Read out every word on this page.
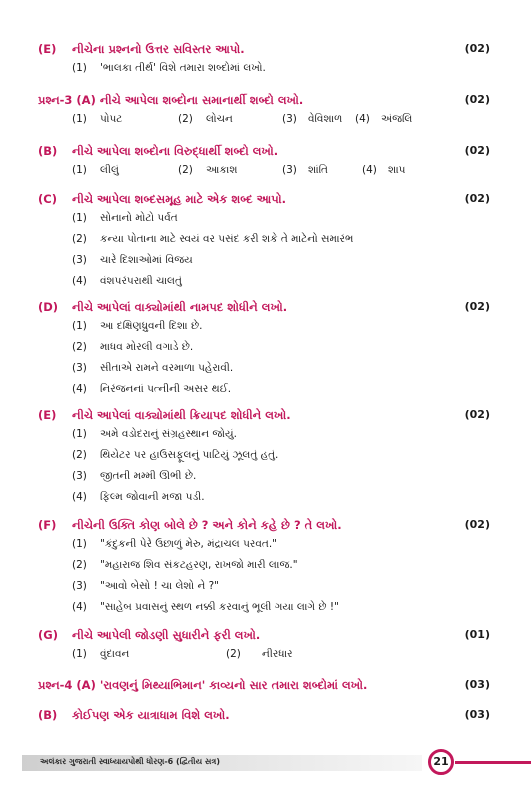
(E) નીચેના પ્રશ્નનો ઉત્તર સવિસ્તર આપો.	(02)
(1)	'ભાલકા તીર્થ' વિશે તમારા શબ્દોમાં લખો.
પ્રશ્ન-3 (A) નીચે આપેલા શબ્દોના સમાનાર્થી શબ્દો લખો.	(02)
(1) પોપટ	(2) લોચન	(3) વેવિશાળ (4) અંજલિ
(B) નીચે આપેલા શબ્દોના વિરુદ્ધાર્થી શબ્દો લખો.	(02)
(1) લીલું	(2) આકાશ	(3) શાંતિ	(4) શાપ
(C) નીચે આપેલા શબ્દસમૂહ માટે એક શબ્દ આપો.	(02)
(1)	સોનાનો મોટો પર્વત
(2)	કન્યા પોતાના માટે સ્વયં વર પસંદ કરી શકે તે માટેનો સમારંભ
(3)	ચારે દિશાઓમાં વિજય
(4)	વંશપરંપરાથી ચાલતું
(D) નીચે આપેલાં વાક્યોમાંથી નામપદ શોધીને લખો.	(02)
(1)	આ દક્ષિણધ્રુવની દિશા છે.
(2)	માધવ મોરલી વગાડે છે.
(3)	સીતાએ રામને વરમાળા પહેરાવી.
(4)	નિરંજનનાં પત્નીની અસર થઈ.
(E) નીચે આપેલાં વાક્યોમાંથી ક્રિયાપદ શોધીને લખો.	(02)
(1)	અમે વડોદરાનું સંગ્રહસ્થાન જોયું.
(2)	થિયેટર પર હાઉસફૂલનું પાટિયું ઝૂલતું હતું.
(3)	જીતની મમ્મી ઊભી છે.
(4)	ફિલ્મ જોવાની મજા પડી.
(F) નીચેની ઉક્તિ કોણ બોલે છે ? અને કોને કહે છે ? તે લખો.	(02)
(1)	"કંદુકની પેરે ઉછાળું મેરુ, મંદ્રાચલ પરવત."
(2)	"મહારાજ શિવ સંકટહરણ, રાખજો મારી લાજ."
(3)	"આવો બેસો ! ચા લેશો ને ?"
(4)	"સાહેબ પ્રવાસનું સ્થળ નક્કી કરવાનું ભૂલી ગયા લાગે છે !"
(G) નીચે આપેલી જોડણી સુધારીને ફરી લખો.	(01)
(1) વુંદાવન	(2) નીરધાર
પ્રશ્ન-4 (A) 'રાવણનું મિથ્યાભિમાન' કાવ્યનો સાર તમારા શબ્દોમાં લખો.	(03)
(B) કોઈપણ એક યાત્રાધામ વિશે લખો.	(03)
અલંકાર ગુજરાતી સ્વાધ્યાયપોથી ધોરણ-6 (દ્વિતીય સત્ર)	21
